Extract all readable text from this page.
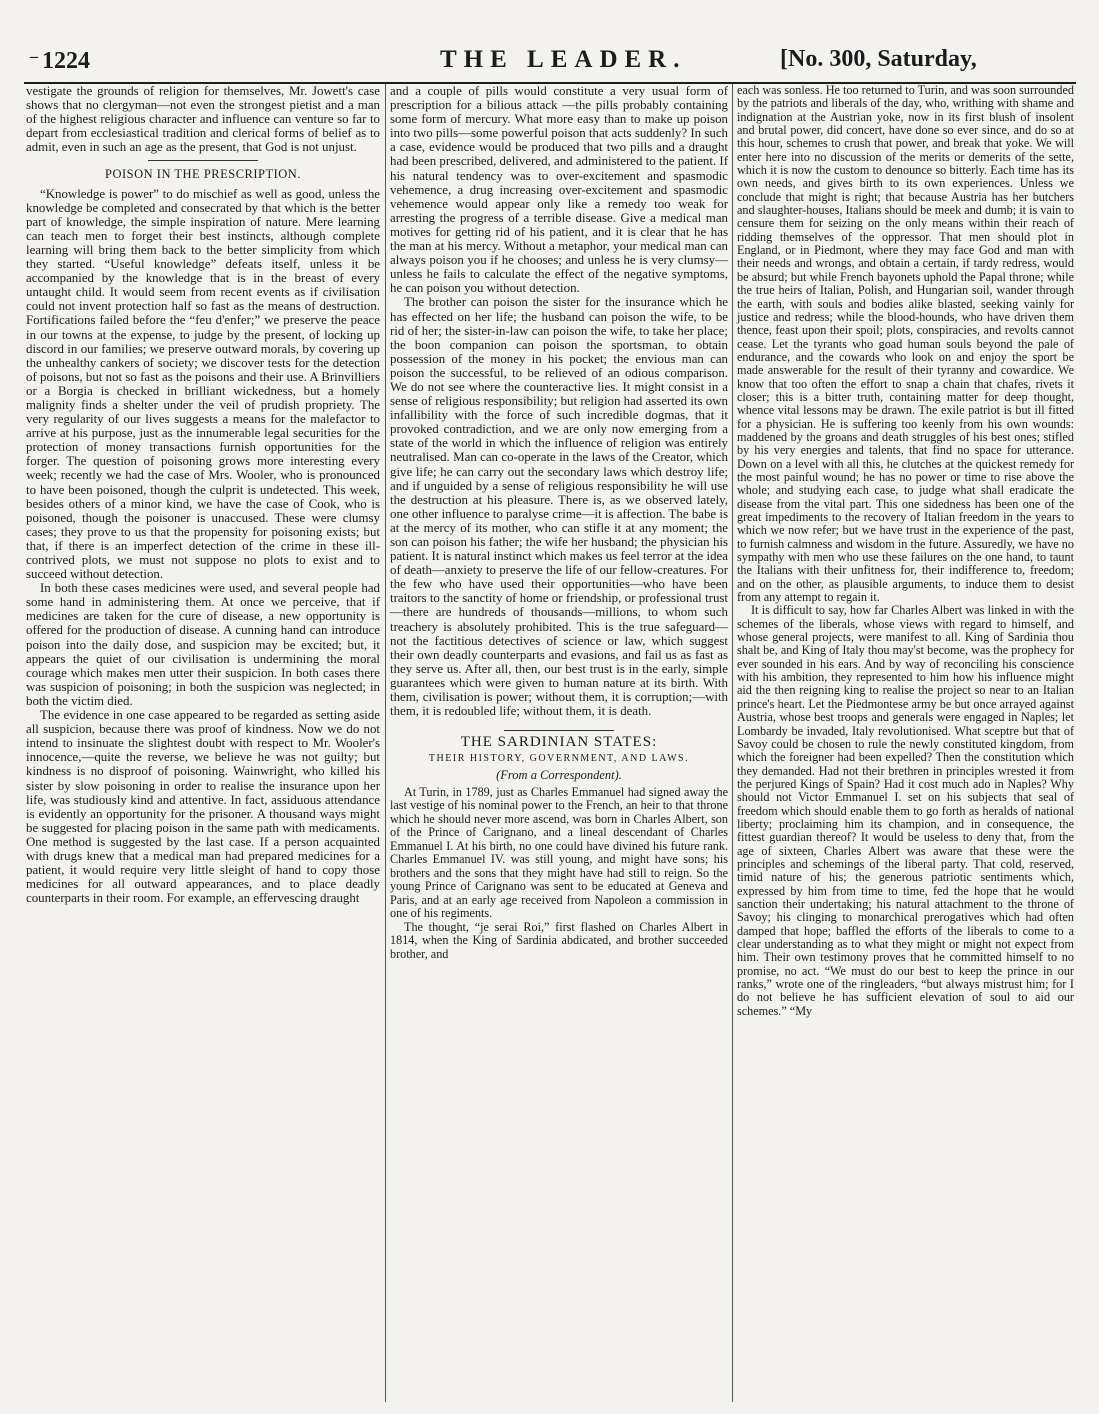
‒ 1224	THE LEADER.	[No. 300, Saturday,

vestigate the grounds of religion for themselves, Mr. Jowett's case shows that no clergyman—not even the strongest pietist and a man of the highest religious character and influence can venture so far to depart from ecclesiastical tradition and clerical forms of belief as to admit, even in such an age as the present, that God is not unjust.

POISON IN THE PRESCRIPTION.

“Knowledge is power” to do mischief as well as good, unless the knowledge be completed and consecrated by that which is the better part of knowledge, the simple inspiration of nature. Mere learning can teach men to forget their best instincts, although complete learning will bring them back to the better simplicity from which they started. “Useful knowledge” defeats itself, unless it be accompanied by the knowledge that is in the breast of every untaught child. It would seem from recent events as if civilisation could not invent protection half so fast as the means of destruction. Fortifications failed before the “feu d'enfer;” we preserve the peace in our towns at the expense, to judge by the present, of locking up discord in our families; we preserve outward morals, by covering up the unhealthy cankers of society; we discover tests for the detection of poisons, but not so fast as the poisons and their use. A Brinvilliers or a Borgia is checked in brilliant wickedness, but a homely malignity finds a shelter under the veil of prudish propriety. The very regularity of our lives suggests a means for the malefactor to arrive at his purpose, just as the innumerable legal securities for the protection of money transactions furnish opportunities for the forger. The question of poisoning grows more interesting every week; recently we had the case of Mrs. Wooler, who is pronounced to have been poisoned, though the culprit is undetected. This week, besides others of a minor kind, we have the case of Cook, who is poisoned, though the poisoner is unaccused. These were clumsy cases; they prove to us that the propensity for poisoning exists; but that, if there is an imperfect detection of the crime in these ill-contrived plots, we must not suppose no plots to exist and to succeed without detection.

In both these cases medicines were used, and several people had some hand in administering them. At once we perceive, that if medicines are taken for the cure of disease, a new opportunity is offered for the production of disease. A cunning hand can introduce poison into the daily dose, and suspicion may be excited; but, it appears the quiet of our civilisation is undermining the moral courage which makes men utter their suspicion. In both cases there was suspicion of poisoning; in both the suspicion was neglected; in both the victim died.

The evidence in one case appeared to be regarded as setting aside all suspicion, because there was proof of kindness. Now we do not intend to insinuate the slightest doubt with respect to Mr. Wooler's innocence,—quite the reverse, we believe he was not guilty; but kindness is no disproof of poisoning. Wainwright, who killed his sister by slow poisoning in order to realise the insurance upon her life, was studiously kind and attentive. In fact, assiduous attendance is evidently an opportunity for the prisoner. A thousand ways might be suggested for placing poison in the same path with medicaments. One method is suggested by the last case. If a person acquainted with drugs knew that a medical man had prepared medicines for a patient, it would require very little sleight of hand to copy those medicines for all outward appearances, and to place deadly counterparts in their room. For example, an effervescing draught

and a couple of pills would constitute a very usual form of prescription for a bilious attack —the pills probably containing some form of mercury. What more easy than to make up poison into two pills—some powerful poison that acts suddenly? In such a case, evidence would be produced that two pills and a draught had been prescribed, delivered, and administered to the patient. If his natural tendency was to over-excitement and spasmodic vehemence, a drug increasing over-excitement and spasmodic vehemence would appear only like a remedy too weak for arresting the progress of a terrible disease. Give a medical man motives for getting rid of his patient, and it is clear that he has the man at his mercy. Without a metaphor, your medical man can always poison you if he chooses; and unless he is very clumsy—unless he fails to calculate the effect of the negative symptoms, he can poison you without detection.

The brother can poison the sister for the insurance which he has effected on her life; the husband can poison the wife, to be rid of her; the sister-in-law can poison the wife, to take her place; the boon companion can poison the sportsman, to obtain possession of the money in his pocket; the envious man can poison the successful, to be relieved of an odious comparison. We do not see where the counteractive lies. It might consist in a sense of religious responsibility; but religion had asserted its own infallibility with the force of such incredible dogmas, that it provoked contradiction, and we are only now emerging from a state of the world in which the influence of religion was entirely neutralised. Man can co-operate in the laws of the Creator, which give life; he can carry out the secondary laws which destroy life; and if unguided by a sense of religious responsibility he will use the destruction at his pleasure. There is, as we observed lately, one other influence to paralyse crime—it is affection. The babe is at the mercy of its mother, who can stifle it at any moment; the son can poison his father; the wife her husband; the physician his patient. It is natural instinct which makes us feel terror at the idea of death—anxiety to preserve the life of our fellow-creatures. For the few who have used their opportunities—who have been traitors to the sanctity of home or friendship, or professional trust—there are hundreds of thousands—millions, to whom such treachery is absolutely prohibited. This is the true safeguard—not the factitious detectives of science or law, which suggest their own deadly counterparts and evasions, and fail us as fast as they serve us. After all, then, our best trust is in the early, simple guarantees which were given to human nature at its birth. With them, civilisation is power; without them, it is corruption;—with them, it is redoubled life; without them, it is death.

THE SARDINIAN STATES:
THEIR HISTORY, GOVERNMENT, AND LAWS.
(From a Correspondent).

At Turin, in 1789, just as Charles Emmanuel had signed away the last vestige of his nominal power to the French, an heir to that throne which he should never more ascend, was born in Charles Albert, son of the Prince of Carignano, and a lineal descendant of Charles Emmanuel I. At his birth, no one could have divined his future rank. Charles Emmanuel IV. was still young, and might have sons; his brothers and the sons that they might have had still to reign. So the young Prince of Carignano was sent to be educated at Geneva and Paris, and at an early age received from Napoleon a commission in one of his regiments.

The thought, “je serai Roi,” first flashed on Charles Albert in 1814, when the King of Sardinia abdicated, and brother succeeded brother, and

each was sonless. He too returned to Turin, and was soon surrounded by the patriots and liberals of the day, who, writhing with shame and indignation at the Austrian yoke, now in its first blush of insolent and brutal power, did concert, have done so ever since, and do so at this hour, schemes to crush that power, and break that yoke. We will enter here into no discussion of the merits or demerits of the sette, which it is now the custom to denounce so bitterly. Each time has its own needs, and gives birth to its own experiences. Unless we conclude that might is right; that because Austria has her butchers and slaughter-houses, Italians should be meek and dumb; it is vain to censure them for seizing on the only means within their reach of ridding themselves of the oppressor. That men should plot in England, or in Piedmont, where they may face God and man with their needs and wrongs, and obtain a certain, if tardy redress, would be absurd; but while French bayonets uphold the Papal throne; while the true heirs of Italian, Polish, and Hungarian soil, wander through the earth, with souls and bodies alike blasted, seeking vainly for justice and redress; while the blood-hounds, who have driven them thence, feast upon their spoil; plots, conspiracies, and revolts cannot cease. Let the tyrants who goad human souls beyond the pale of endurance, and the cowards who look on and enjoy the sport be made answerable for the result of their tyranny and cowardice. We know that too often the effort to snap a chain that chafes, rivets it closer; this is a bitter truth, containing matter for deep thought, whence vital lessons may be drawn. The exile patriot is but ill fitted for a physician. He is suffering too keenly from his own wounds: maddened by the groans and death struggles of his best ones; stifled by his very energies and talents, that find no space for utterance. Down on a level with all this, he clutches at the quickest remedy for the most painful wound; he has no power or time to rise above the whole; and studying each case, to judge what shall eradicate the disease from the vital part. This one sidedness has been one of the great impediments to the recovery of Italian freedom in the years to which we now refer; but we have trust in the experience of the past, to furnish calmness and wisdom in the future. Assuredly, we have no sympathy with men who use these failures on the one hand, to taunt the Italians with their unfitness for, their indifference to, freedom; and on the other, as plausible arguments, to induce them to desist from any attempt to regain it.

It is difficult to say, how far Charles Albert was linked in with the schemes of the liberals, whose views with regard to himself, and whose general projects, were manifest to all. King of Sardinia thou shalt be, and King of Italy thou may'st become, was the prophecy for ever sounded in his ears. And by way of reconciling his conscience with his ambition, they represented to him how his influence might aid the then reigning king to realise the project so near to an Italian prince's heart. Let the Piedmontese army be but once arrayed against Austria, whose best troops and generals were engaged in Naples; let Lombardy be invaded, Italy revolutionised. What sceptre but that of Savoy could be chosen to rule the newly constituted kingdom, from which the foreigner had been expelled? Then the constitution which they demanded. Had not their brethren in principles wrested it from the perjured Kings of Spain? Had it cost much ado in Naples? Why should not Victor Emmanuel I. set on his subjects that seal of freedom which should enable them to go forth as heralds of national liberty; proclaiming him its champion, and in consequence, the fittest guardian thereof? It would be useless to deny that, from the age of sixteen, Charles Albert was aware that these were the principles and schemings of the liberal party. That cold, reserved, timid nature of his; the generous patriotic sentiments which, expressed by him from time to time, fed the hope that he would sanction their undertaking; his natural attachment to the throne of Savoy; his clinging to monarchical prerogatives which had often damped that hope; baffled the efforts of the liberals to come to a clear understanding as to what they might or might not expect from him. Their own testimony proves that he committed himself to no promise, no act. “We must do our best to keep the prince in our ranks,” wrote one of the ringleaders, “but always mistrust him; for I do not believe he has sufficient elevation of soul to aid our schemes.” “My
